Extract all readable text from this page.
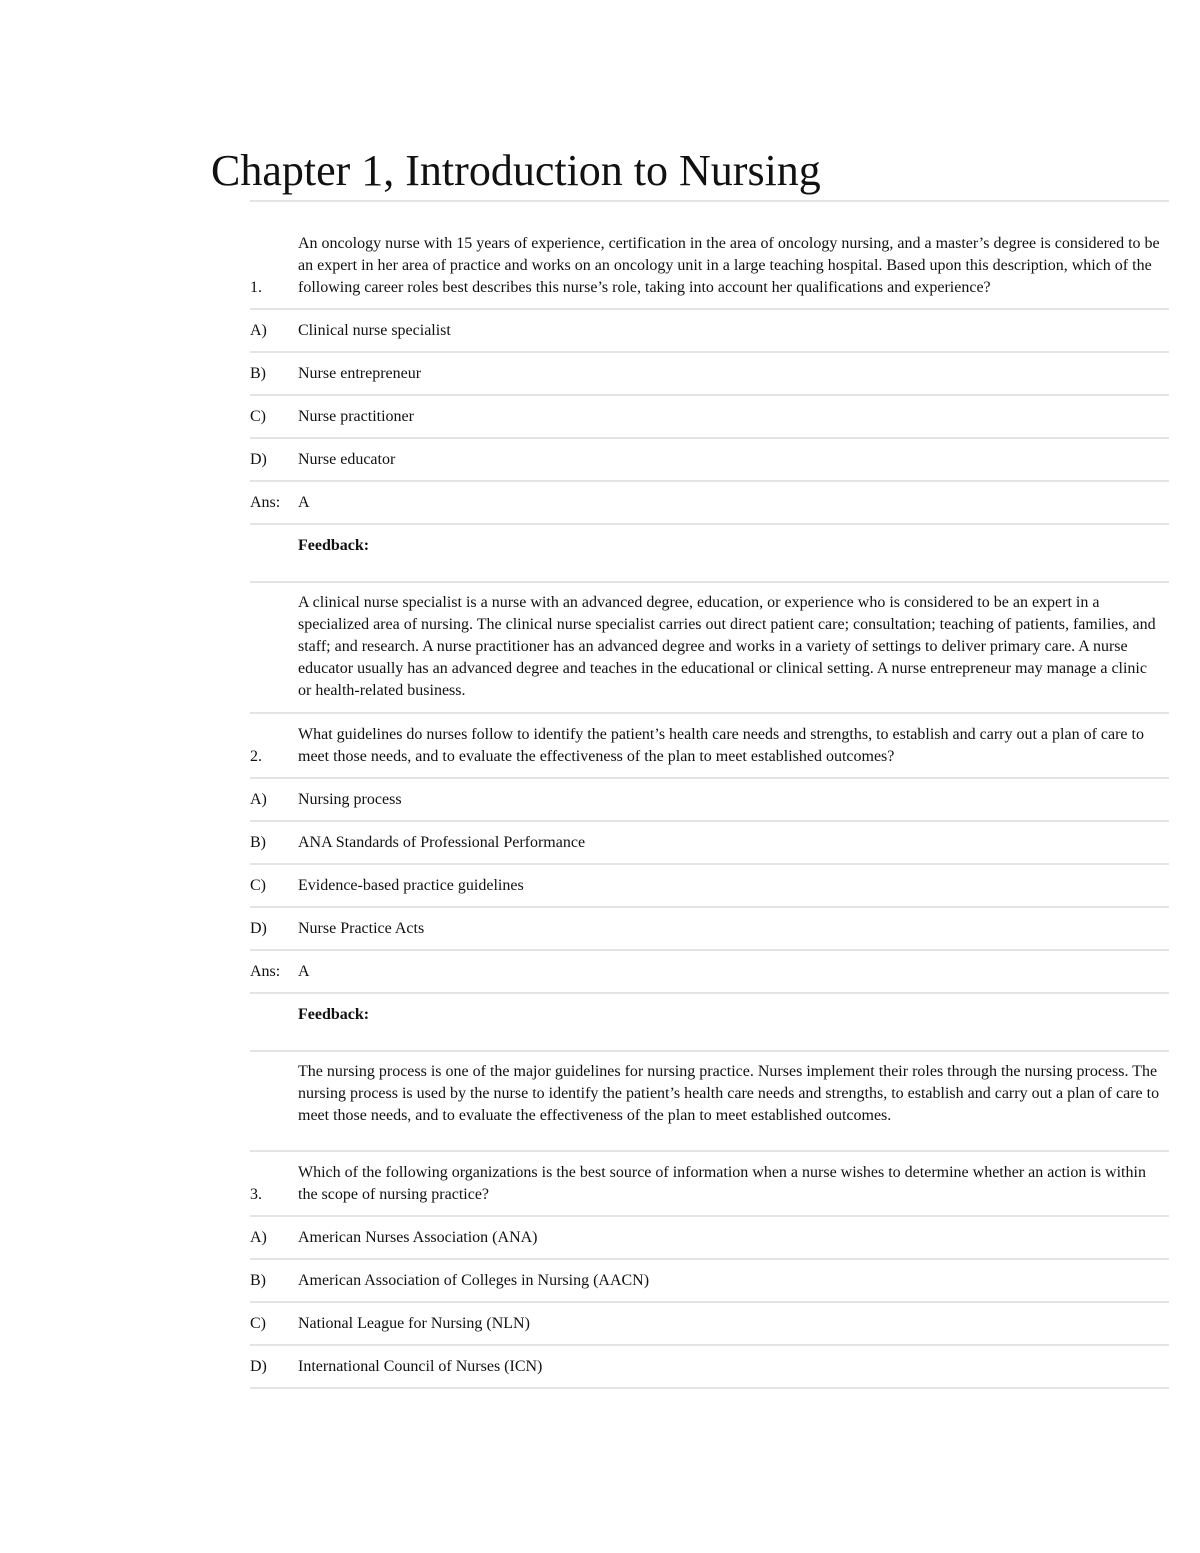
Chapter 1, Introduction to Nursing
1.
An oncology nurse with 15 years of experience, certification in the area of oncology nursing, and a master’s degree is considered to be an expert in her area of practice and works on an oncology unit in a large teaching hospital. Based upon this description, which of the following career roles best describes this nurse’s role, taking into account her qualifications and experience?
A)	Clinical nurse specialist
B)	Nurse entrepreneur
C)	Nurse practitioner
D)	Nurse educator
Ans:	A
Feedback:
A clinical nurse specialist is a nurse with an advanced degree, education, or experience who is considered to be an expert in a specialized area of nursing. The clinical nurse specialist carries out direct patient care; consultation; teaching of patients, families, and staff; and research. A nurse practitioner has an advanced degree and works in a variety of settings to deliver primary care. A nurse educator usually has an advanced degree and teaches in the educational or clinical setting. A nurse entrepreneur may manage a clinic or health-related business.
2.
What guidelines do nurses follow to identify the patient’s health care needs and strengths, to establish and carry out a plan of care to meet those needs, and to evaluate the effectiveness of the plan to meet established outcomes?
A)	Nursing process
B)	ANA Standards of Professional Performance
C)	Evidence-based practice guidelines
D)	Nurse Practice Acts
Ans:	A
Feedback:
The nursing process is one of the major guidelines for nursing practice. Nurses implement their roles through the nursing process. The nursing process is used by the nurse to identify the patient’s health care needs and strengths, to establish and carry out a plan of care to meet those needs, and to evaluate the effectiveness of the plan to meet established outcomes.
3.
Which of the following organizations is the best source of information when a nurse wishes to determine whether an action is within the scope of nursing practice?
A)	American Nurses Association (ANA)
B)	American Association of Colleges in Nursing (AACN)
C)	National League for Nursing (NLN)
D)	International Council of Nurses (ICN)
